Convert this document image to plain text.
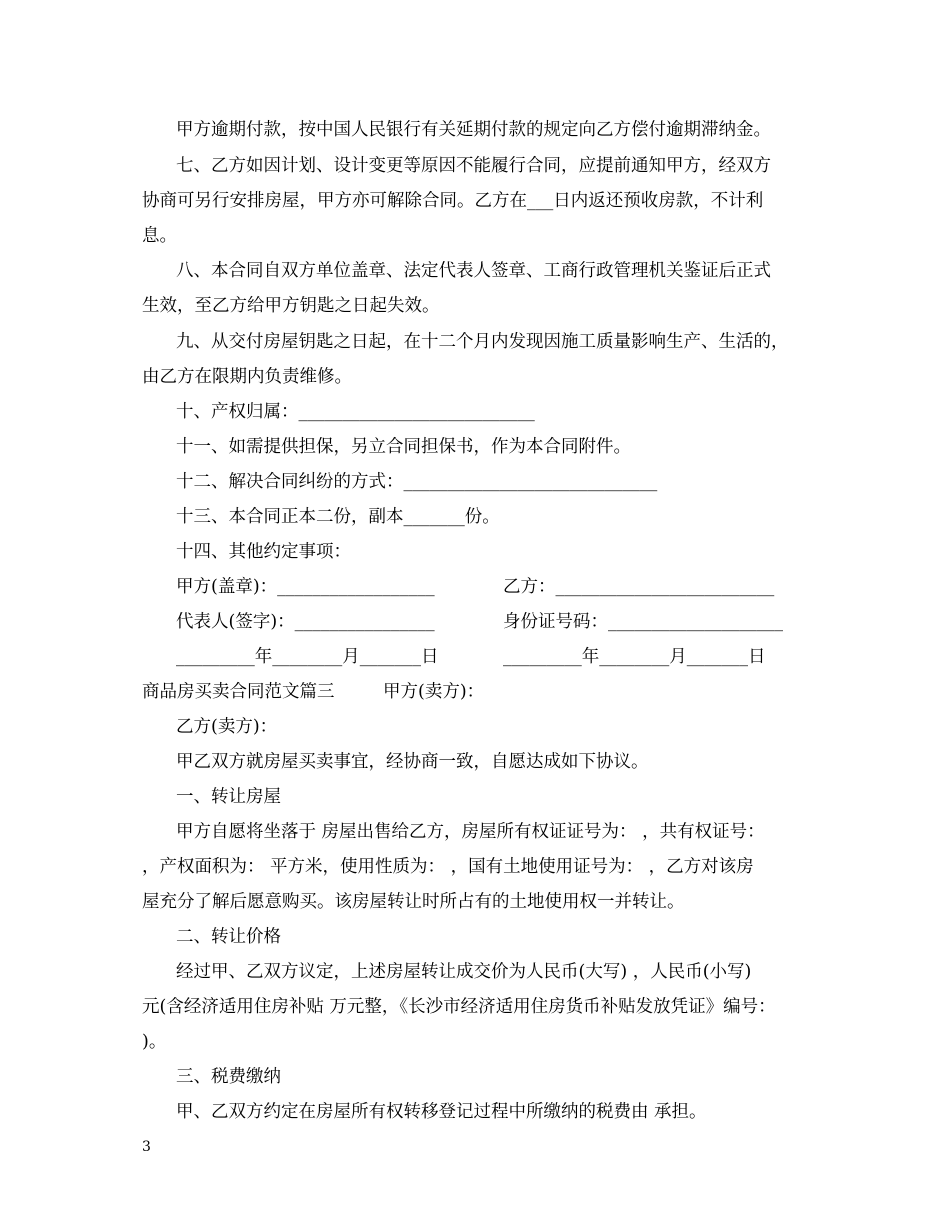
甲方逾期付款，按中国人民银行有关延期付款的规定向乙方偿付逾期滞纳金。
七、乙方如因计划、设计变更等原因不能履行合同，应提前通知甲方，经双方
协商可另行安排房屋，甲方亦可解除合同。乙方在___日内返还预收房款，不计利
息。
八、本合同自双方单位盖章、法定代表人签章、工商行政管理机关鉴证后正式
生效，至乙方给甲方钥匙之日起失效。
九、从交付房屋钥匙之日起，在十二个月内发现因施工质量影响生产、生活的，
由乙方在限期内负责维修。
十、产权归属：___________________________
十一、如需提供担保，另立合同担保书，作为本合同附件。
十二、解决合同纠纷的方式：_____________________________
十三、本合同正本二份，副本_______份。
十四、其他约定事项：
甲方(盖章)：__________________	乙方：_________________________
代表人(签字)：________________	身份证号码：____________________
_________年________月_______日	_________年________月_______日
商品房买卖合同范文篇三	甲方(卖方)：
乙方(卖方)：
甲乙双方就房屋买卖事宜，经协商一致，自愿达成如下协议。
一、转让房屋
甲方自愿将坐落于 房屋出售给乙方，房屋所有权证证号为： ，共有权证号：
，产权面积为： 平方米，使用性质为： ，国有土地使用证号为： ，乙方对该房
屋充分了解后愿意购买。该房屋转让时所占有的土地使用权一并转让。
二、转让价格
经过甲、乙双方议定，上述房屋转让成交价为人民币(大写) ，人民币(小写)
元(含经济适用住房补贴 万元整，《长沙市经济适用住房货币补贴发放凭证》编号：
)。
三、税费缴纳
甲、乙双方约定在房屋所有权转移登记过程中所缴纳的税费由 承担。
3
